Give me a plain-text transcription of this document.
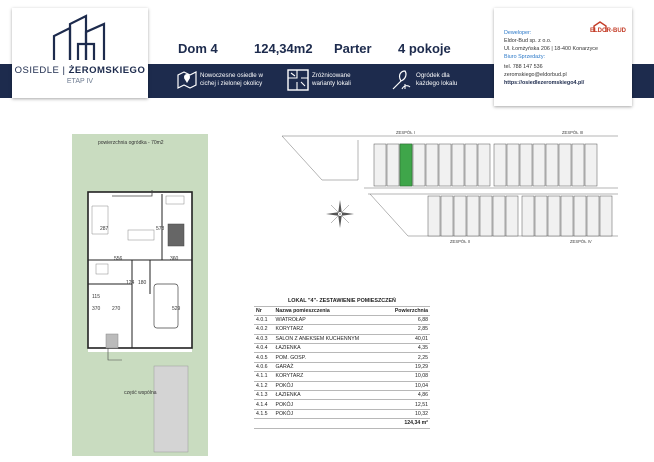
OSIEDLE | ŻEROMSKIEGO
ETAP IV
Dom 4	124,34m2 Parter 4 pokoje
Nowoczesne osiedle w cichej i zielonej okolicy
Zróżnicowane warianty lokali
Ogródek dla każdego lokalu
ELDOR-BUD
Deweloper:
Eldor-Bud sp. z o.o.
Ul. Łomżyńska 206 | 18-400 Konarzyce
Biuro Sprzedaży:
tel. 788 147 536
zeromskiego@eldorbud.pl
https://osiedlezeromskiego4.pl/
ZESPÓŁ I	ZESPÓŁ III
ZESPÓŁ II	ZESPÓŁ IV
powierzchnia ogródka - 70m2
część wspólna
287	578
556	360
124 180
529
370 270
115
LOKAL "4"- ZESTAWIENIE POMIESZCZEŃ		
Nr	Nazwa pomieszczenia	Powierzchnia
4.0.1	WIATROŁAP	6,88
4.0.2	KORYTARZ	2,85
4.0.3	SALON Z ANEKSEM KUCHENNYM	40,01
4.0.4	ŁAZIENKA	4,35
4.0.5	POM. GOSP.	2,25
4.0.6	GARAŻ	19,29
4.1.1	KORYTARZ	10,08
4.1.2	POKÓJ	10,04
4.1.3	ŁAZIENKA	4,86
4.1.4	POKÓJ	12,51
4.1.5	POKÓJ	10,32
		124,34 m²
